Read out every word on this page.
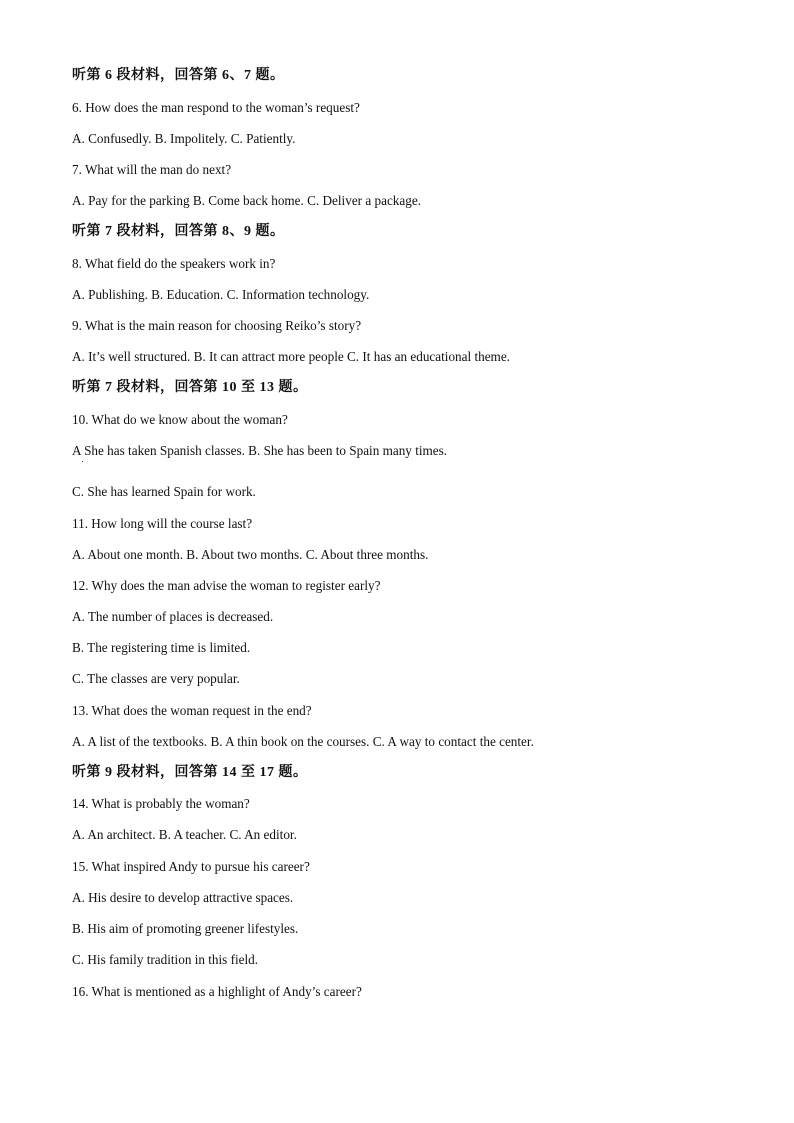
听第 6 段材料，回答第 6、7 题。
6. How does the man respond to the woman’s request?
A. Confusedly. B. Impolitely. C. Patiently.
7. What will the man do next?
A. Pay for the parking B. Come back home. C. Deliver a package.
听第 7 段材料，回答第 8、9 题。
8. What field do the speakers work in?
A. Publishing. B. Education. C. Information technology.
9. What is the main reason for choosing Reiko’s story?
A. It’s well structured. B. It can attract more people C. It has an educational theme.
听第 7 段材料，回答第 10 至 13 题。
10. What do we know about the woman?
A She has taken Spanish classes. B. She has been to Spain many times.
C. She has learned Spain for work.
11. How long will the course last?
A. About one month. B. About two months. C. About three months.
12. Why does the man advise the woman to register early?
A. The number of places is decreased.
B. The registering time is limited.
C. The classes are very popular.
13. What does the woman request in the end?
A. A list of the textbooks. B. A thin book on the courses. C. A way to contact the center.
听第 9 段材料，回答第 14 至 17 题。
14. What is probably the woman?
A. An architect. B. A teacher. C. An editor.
15. What inspired Andy to pursue his career?
A. His desire to develop attractive spaces.
B. His aim of promoting greener lifestyles.
C. His family tradition in this field.
16. What is mentioned as a highlight of Andy’s career?
